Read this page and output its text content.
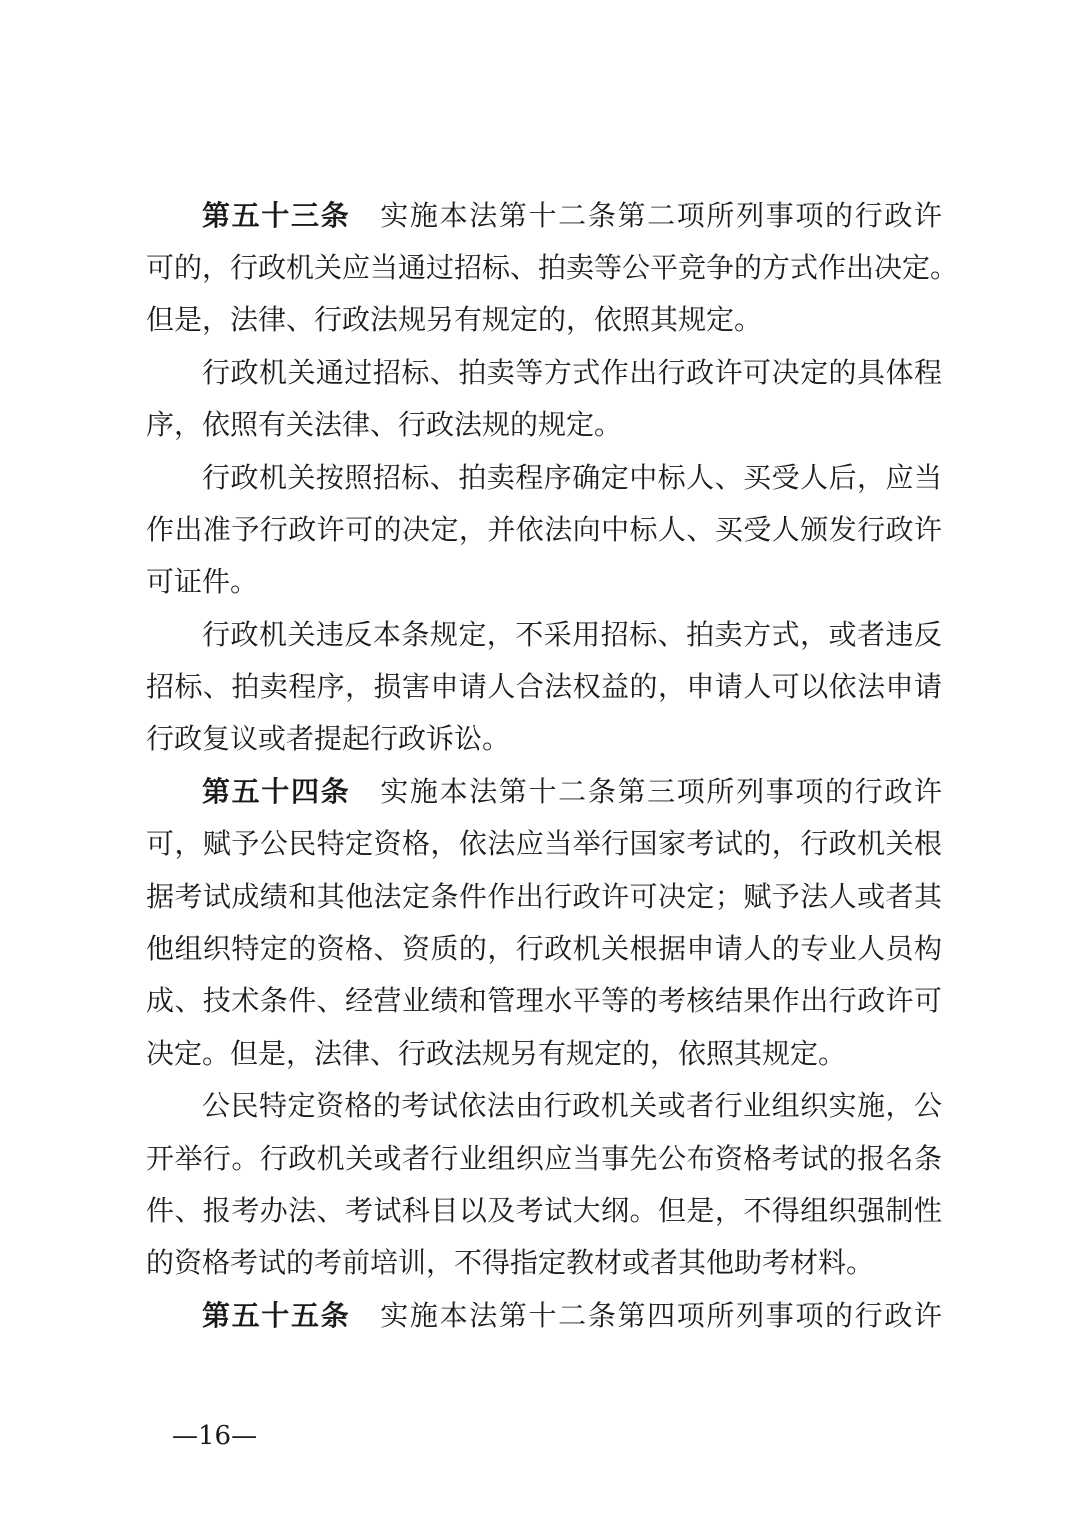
第五十三条 实施本法第十二条第二项所列事项的行政许
可的，行政机关应当通过招标、拍卖等公平竞争的方式作出决定。
但是，法律、行政法规另有规定的，依照其规定。
行政机关通过招标、拍卖等方式作出行政许可决定的具体程
序，依照有关法律、行政法规的规定。
行政机关按照招标、拍卖程序确定中标人、买受人后，应当
作出准予行政许可的决定，并依法向中标人、买受人颁发行政许
可证件。
行政机关违反本条规定，不采用招标、拍卖方式，或者违反
招标、拍卖程序，损害申请人合法权益的，申请人可以依法申请
行政复议或者提起行政诉讼。
第五十四条 实施本法第十二条第三项所列事项的行政许
可，赋予公民特定资格，依法应当举行国家考试的，行政机关根
据考试成绩和其他法定条件作出行政许可决定；赋予法人或者其
他组织特定的资格、资质的，行政机关根据申请人的专业人员构
成、技术条件、经营业绩和管理水平等的考核结果作出行政许可
决定。但是，法律、行政法规另有规定的，依照其规定。
公民特定资格的考试依法由行政机关或者行业组织实施，公
开举行。行政机关或者行业组织应当事先公布资格考试的报名条
件、报考办法、考试科目以及考试大纲。但是，不得组织强制性
的资格考试的考前培训，不得指定教材或者其他助考材料。
第五十五条 实施本法第十二条第四项所列事项的行政许
—16—
